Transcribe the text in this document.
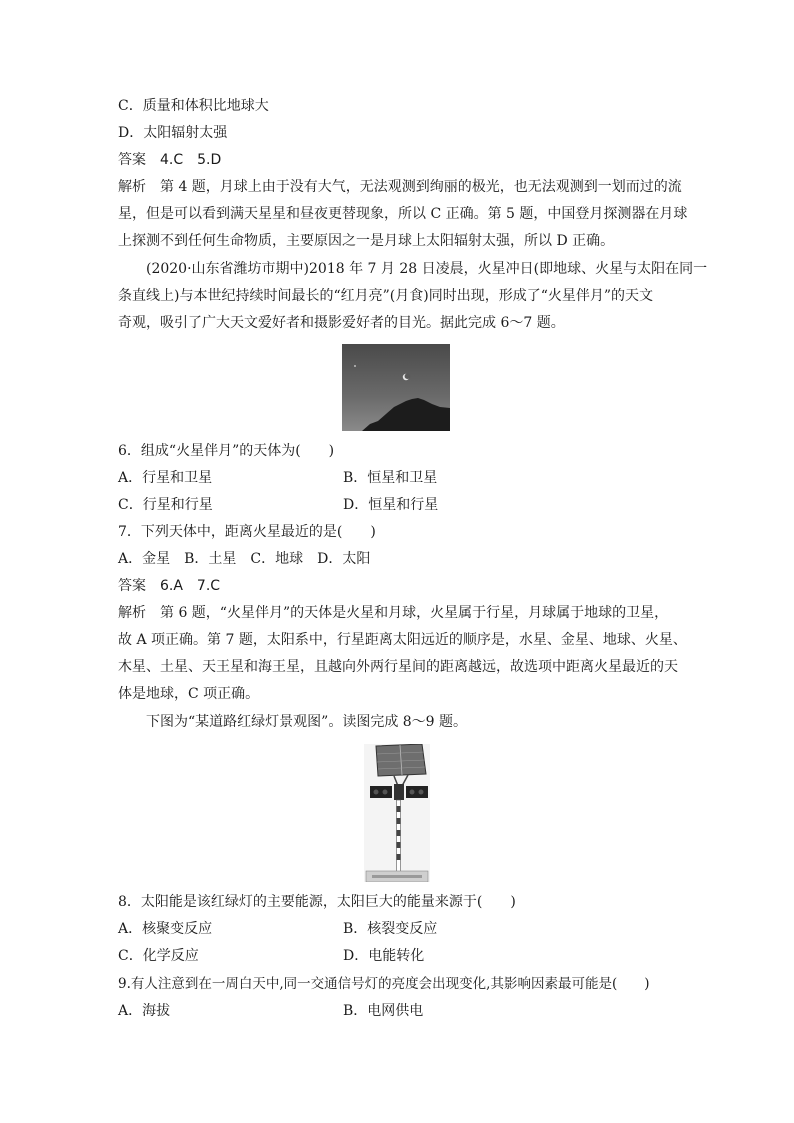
C．质量和体积比地球大
D．太阳辐射太强
答案　4.C　5.D
解析　第 4 题，月球上由于没有大气，无法观测到绚丽的极光，也无法观测到一划而过的流
星，但是可以看到满天星星和昼夜更替现象，所以 C 正确。第 5 题，中国登月探测器在月球
上探测不到任何生命物质，主要原因之一是月球上太阳辐射太强，所以 D 正确。
(2020·山东省潍坊市期中)2018 年 7 月 28 日凌晨，火星冲日(即地球、火星与太阳在同一
条直线上)与本世纪持续时间最长的“红月亮”(月食)同时出现，形成了“火星伴月”的天文
奇观，吸引了广大天文爱好者和摄影爱好者的目光。据此完成 6～7 题。
6．组成“火星伴月”的天体为(　　)
A．行星和卫星	B．恒星和卫星
C．行星和行星	D．恒星和行星
7．下列天体中，距离火星最近的是(　　)
A．金星　B．土星　C．地球　D．太阳
答案　6.A　7.C
解析　第 6 题，“火星伴月”的天体是火星和月球，火星属于行星，月球属于地球的卫星，
故 A 项正确。第 7 题，太阳系中，行星距离太阳远近的顺序是，水星、金星、地球、火星、
木星、土星、天王星和海王星，且越向外两行星间的距离越远，故选项中距离火星最近的天
体是地球，C 项正确。
下图为“某道路红绿灯景观图”。读图完成 8～9 题。
8．太阳能是该红绿灯的主要能源，太阳巨大的能量来源于(　　)
A．核聚变反应	B．核裂变反应
C．化学反应	D．电能转化
9.有人注意到在一周白天中,同一交通信号灯的亮度会出现变化,其影响因素最可能是(　　)
A．海拔	B．电网供电
